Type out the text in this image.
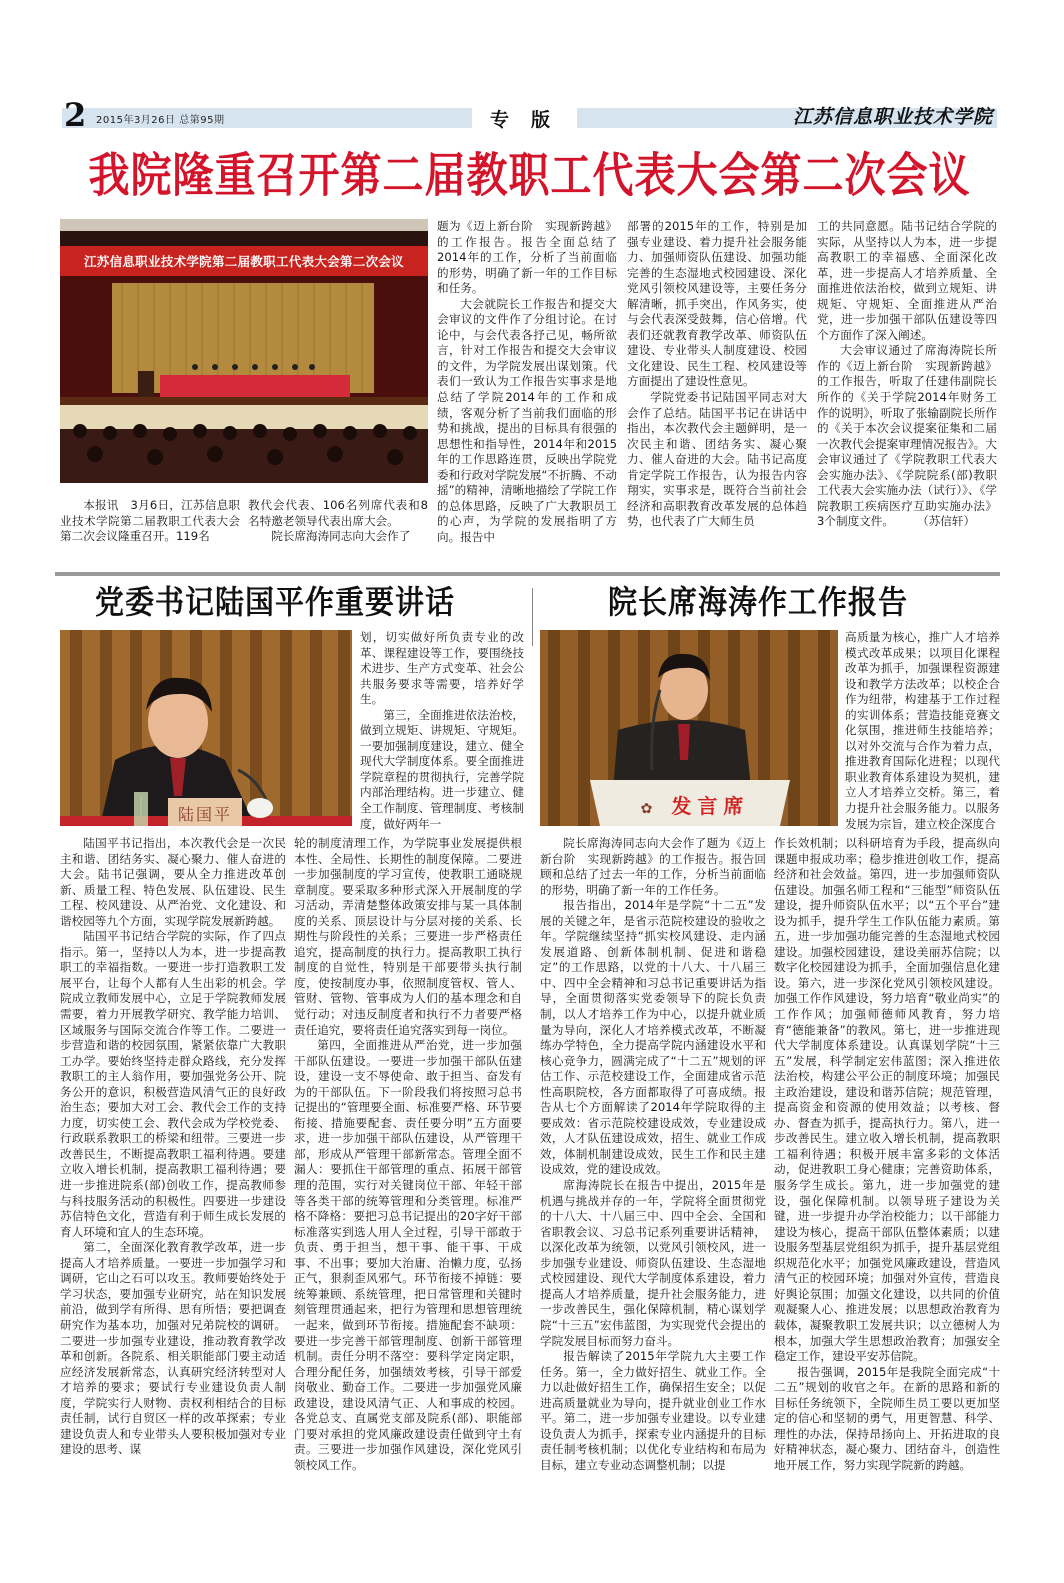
2 2015年3月26日 总第95期	专版	江苏信息职业技术学院
我院隆重召开第二届教职工代表大会第二次会议
江苏信息职业技术学院第二届教职工代表大会第二次会议

本报讯　3月6日，江苏信息职业技术学院第二届教职工代表大会第二次会议隆重召开。119名

教代会代表、106名列席代表和8名特邀老领导代表出席大会。

院长席海涛同志向大会作了

题为《迈上新台阶　实现新跨越》的工作报告。报告全面总结了2014年的工作，分析了当前面临的形势，明确了新一年的工作目标和任务。

大会就院长工作报告和提交大会审议的文件作了分组讨论。在讨论中，与会代表各抒己见，畅所欲言，针对工作报告和提交大会审议的文件，为学院发展出谋划策。代表们一致认为工作报告实事求是地总结了学院2014年的工作和成绩，客观分析了当前我们面临的形势和挑战，提出的目标具有很强的思想性和指导性，2014年和2015年的工作思路连贯，反映出学院党委和行政对学院发展“不折腾、不动摇”的精神，清晰地描绘了学院工作的总体思路，反映了广大教职员工的心声，为学院的发展指明了方向。报告中

部署的2015年的工作，特别是加强专业建设、着力提升社会服务能力、加强师资队伍建设、加强功能完善的生态湿地式校园建设、深化党风引领校风建设等，主要任务分解清晰，抓手突出，作风务实，使与会代表深受鼓舞，信心倍增。代表们还就教育教学改革、师资队伍建设、专业带头人制度建设、校园文化建设、民生工程、校风建设等方面提出了建设性意见。

学院党委书记陆国平同志对大会作了总结。陆国平书记在讲话中指出，本次教代会主题鲜明，是一次民主和谐、团结务实、凝心聚力、催人奋进的大会。陆书记高度肯定学院工作报告，认为报告内容翔实，实事求是，既符合当前社会经济和高职教育改革发展的总体趋势，也代表了广大师生员

工的共同意愿。陆书记结合学院的实际，从坚持以人为本，进一步提高教职工的幸福感、全面深化改革，进一步提高人才培养质量、全面推进依法治校，做到立规矩、讲规矩、守规矩、全面推进从严治党，进一步加强干部队伍建设等四个方面作了深入阐述。

大会审议通过了席海涛院长所作的《迈上新台阶　实现新跨越》的工作报告，听取了任建伟副院长所作的《关于学院2014年财务工作的说明》，听取了张输副院长所作的《关于本次会议提案征集和二届一次教代会提案审理情况报告》。大会审议通过了《学院教职工代表大会实施办法》、《学院院系(部)教职工代表大会实施办法（试行）》、《学院教职工疾病医疗互助实施办法》3个制度文件。　　　（苏信轩）

党委书记陆国平作重要讲话	院长席海涛作工作报告
陆国平

划，切实做好所负责专业的改革、课程建设等工作，要围绕技术进步、生产方式变革、社会公共服务要求等需要，培养好学生。

第三，全面推进依法治校，做到立规矩、讲规矩、守规矩。一要加强制度建设，建立、健全现代大学制度体系。要全面推进学院章程的贯彻执行，完善学院内部治理结构。进一步建立、健全工作制度、管理制度、考核制度，做好两年一

陆国平书记指出，本次教代会是一次民主和谐、团结务实、凝心聚力、催人奋进的大会。陆书记强调，要从全力推进改革创新、质量工程、特色发展、队伍建设、民生工程、校风建设、从严治党、文化建设、和谐校园等九个方面，实现学院发展新跨越。

陆国平书记结合学院的实际，作了四点指示。第一，坚持以人为本，进一步提高教职工的幸福指数。一要进一步打造教职工发展平台，让每个人都有人生出彩的机会。学院成立教师发展中心，立足于学院教师发展需要，着力开展教学研究、教学能力培训、区域服务与国际交流合作等工作。二要进一步营造和谐的校园氛围，紧紧依靠广大教职工办学。要始终坚持走群众路线，充分发挥教职工的主人翁作用，要加强党务公开、院务公开的意识，积极营造风清气正的良好政治生态；要加大对工会、教代会工作的支持力度，切实使工会、教代会成为学校党委、行政联系教职工的桥梁和纽带。三要进一步改善民生，不断提高教职工福利待遇。要建立收入增长机制，提高教职工福利待遇；要进一步推进院系(部)创收工作，提高教师参与科技服务活动的积极性。四要进一步建设苏信特色文化，营造有利于师生成长发展的育人环境和宜人的生态环境。

第二，全面深化教育教学改革，进一步提高人才培养质量。一要进一步加强学习和调研，它山之石可以攻玉。教师要始终处于学习状态，要加强专业研究，站在知识发展前沿，做到学有所得、思有所悟；要把调查研究作为基本功，加强对兄弟院校的调研。二要进一步加强专业建设，推动教育教学改革和创新。各院系、相关职能部门要主动适应经济发展新常态，认真研究经济转型对人才培养的要求；要试行专业建设负责人制度，学院实行人财物、责权利相结合的目标责任制，试行自贸区一样的改革探索；专业建设负责人和专业带头人要积极加强对专业建设的思考、谋

轮的制度清理工作，为学院事业发展提供根本性、全局性、长期性的制度保障。二要进一步加强制度的学习宣传，使教职工通晓规章制度。要采取多种形式深入开展制度的学习活动，弄清楚整体政策安排与某一具体制度的关系、顶层设计与分层对接的关系、长期性与阶段性的关系；三要进一步严格责任追究，提高制度的执行力。提高教职工执行制度的自觉性，特别是干部要带头执行制度，使按制度办事，依照制度管权、管人、管财、管物、管事成为人们的基本理念和自觉行动；对违反制度者和执行不力者要严格责任追究，要将责任追究落实到每一岗位。

第四，全面推进从严治党，进一步加强干部队伍建设。一要进一步加强干部队伍建设，建设一支不辱使命、敢于担当、奋发有为的干部队伍。下一阶段我们将按照习总书记提出的“管理要全面、标准要严格、环节要衔接、措施要配套、责任要分明”五方面要求，进一步加强干部队伍建设，从严管理干部，形成从严管理干部新常态。管理全面不漏人：要抓住干部管理的重点、拓展干部管理的范围，实行对关键岗位干部、年轻干部等各类干部的统筹管理和分类管理。标准严格不降格：要把习总书记提出的20字好干部标准落实到选人用人全过程，引导干部敢于负责、勇于担当，想干事、能干事、干成事、不出事；要加大治庸、治懒力度，弘扬正气，狠刹歪风邪气。环节衔接不掉链：要统筹兼顾、系统管理，把日常管理和关键时刻管理贯通起来，把行为管理和思想管理统一起来，做到环节衔接。措施配套不缺项：要进一步完善干部管理制度、创新干部管理机制。责任分明不落空：要科学定岗定职，合理分配任务，加强绩效考核，引导干部爱岗敬业、勤奋工作。二要进一步加强党风廉政建设，建设风清气正、人和事成的校园。各党总支、直属党支部及院系(部)、职能部门要对承担的党风廉政建设责任做到守土有责。三要进一步加强作风建设，深化党风引领校风工作。

✿ 发言席

高质量为核心，推广人才培养模式改革成果；以项目化课程改革为抓手，加强课程资源建设和教学方法改革；以校企合作为纽带，构建基于工作过程的实训体系；营造技能竞赛文化氛围，推进师生技能培养；以对外交流与合作为着力点，推进教育国际化进程；以现代职业教育体系建设为契机，建立人才培养立交桥。第三，着力提升社会服务能力。以服务发展为宗旨，建立校企深度合

院长席海涛同志向大会作了题为《迈上新台阶　实现新跨越》的工作报告。报告回顾和总结了过去一年的工作，分析当前面临的形势，明确了新一年的工作任务。

报告指出，2014年是学院“十二五”发展的关键之年，是省示范院校建设的验收之年。学院继续坚持“抓实校风建设、走内涵发展道路、创新体制机制、促进和谐稳定”的工作思路，以党的十八大、十八届三中、四中全会精神和习总书记重要讲话为指导，全面贯彻落实党委领导下的院长负责制，以人才培养工作为中心，以提升就业质量为导向，深化人才培养模式改革，不断凝练办学特色，全力提高学院内涵建设水平和核心竞争力，圆满完成了“十二五”规划的评估工作、示范校建设工作，全面建成省示范性高职院校，各方面都取得了可喜成绩。报告从七个方面解读了2014年学院取得的主要成效：省示范院校建设成效，专业建设成效，人才队伍建设成效，招生、就业工作成效，体制机制建设成效，民生工作和民主建设成效，党的建设成效。

席海涛院长在报告中提出，2015年是机遇与挑战并存的一年，学院将全面贯彻党的十八大、十八届三中、四中全会、全国和省职教会议、习总书记系列重要讲话精神，以深化改革为统领，以党风引领校风，进一步加强专业建设、师资队伍建设、生态湿地式校园建设、现代大学制度体系建设，着力提高人才培养质量，提升社会服务能力，进一步改善民生，强化保障机制，精心谋划学院“十三五”宏伟蓝图，为实现党代会提出的学院发展目标而努力奋斗。

报告解读了2015年学院九大主要工作任务。第一，全力做好招生、就业工作。全力以赴做好招生工作，确保招生安全；以促进高质量就业为导向，提升就业创业工作水平。第二，进一步加强专业建设。以专业建设负责人为抓手，探索专业内涵提升的目标责任制考核机制；以优化专业结构和布局为目标，建立专业动态调整机制；以提

作长效机制；以科研培育为手段，提高纵向课题申报成功率；稳步推进创收工作，提高经济和社会效益。第四，进一步加强师资队伍建设。加强名师工程和“三能型”师资队伍建设，提升师资队伍水平；以“五个平台”建设为抓手，提升学生工作队伍能力素质。第五，进一步加强功能完善的生态湿地式校园建设。加强校园建设，建设美丽苏信院；以数字化校园建设为抓手，全面加强信息化建设。第六，进一步深化党风引领校风建设。加强工作作风建设，努力培育“敬业尚实”的工作作风；加强师德师风教育，努力培育“德能兼备”的教风。第七，进一步推进现代大学制度体系建设。认真谋划学院“十三五”发展，科学制定宏伟蓝图；深入推进依法治校，构建公平公正的制度环境；加强民主政治建设，建设和谐苏信院；规范管理，提高资金和资源的使用效益；以考核、督办、督查为抓手，提高执行力。第八，进一步改善民生。建立收入增长机制，提高教职工福利待遇；积极开展丰富多彩的文体活动，促进教职工身心健康；完善资助体系，服务学生成长。第九，进一步加强党的建设，强化保障机制。以领导班子建设为关键，进一步提升办学治校能力；以干部能力建设为核心，提高干部队伍整体素质；以建设服务型基层党组织为抓手，提升基层党组织规范化水平；加强党风廉政建设，营造风清气正的校园环境；加强对外宣传，营造良好舆论氛围；加强文化建设，以共同的价值观凝聚人心、推进发展；以思想政治教育为载体，凝聚教职工发展共识；以立德树人为根本，加强大学生思想政治教育；加强安全稳定工作，建设平安苏信院。

报告强调，2015年是我院全面完成“十二五”规划的收官之年。在新的思路和新的目标任务统领下，全院师生员工要以更加坚定的信心和坚韧的勇气，用更智慧、科学、理性的办法，保持昂扬向上、开拓进取的良好精神状态，凝心聚力、团结奋斗，创造性地开展工作，努力实现学院新的跨越。
